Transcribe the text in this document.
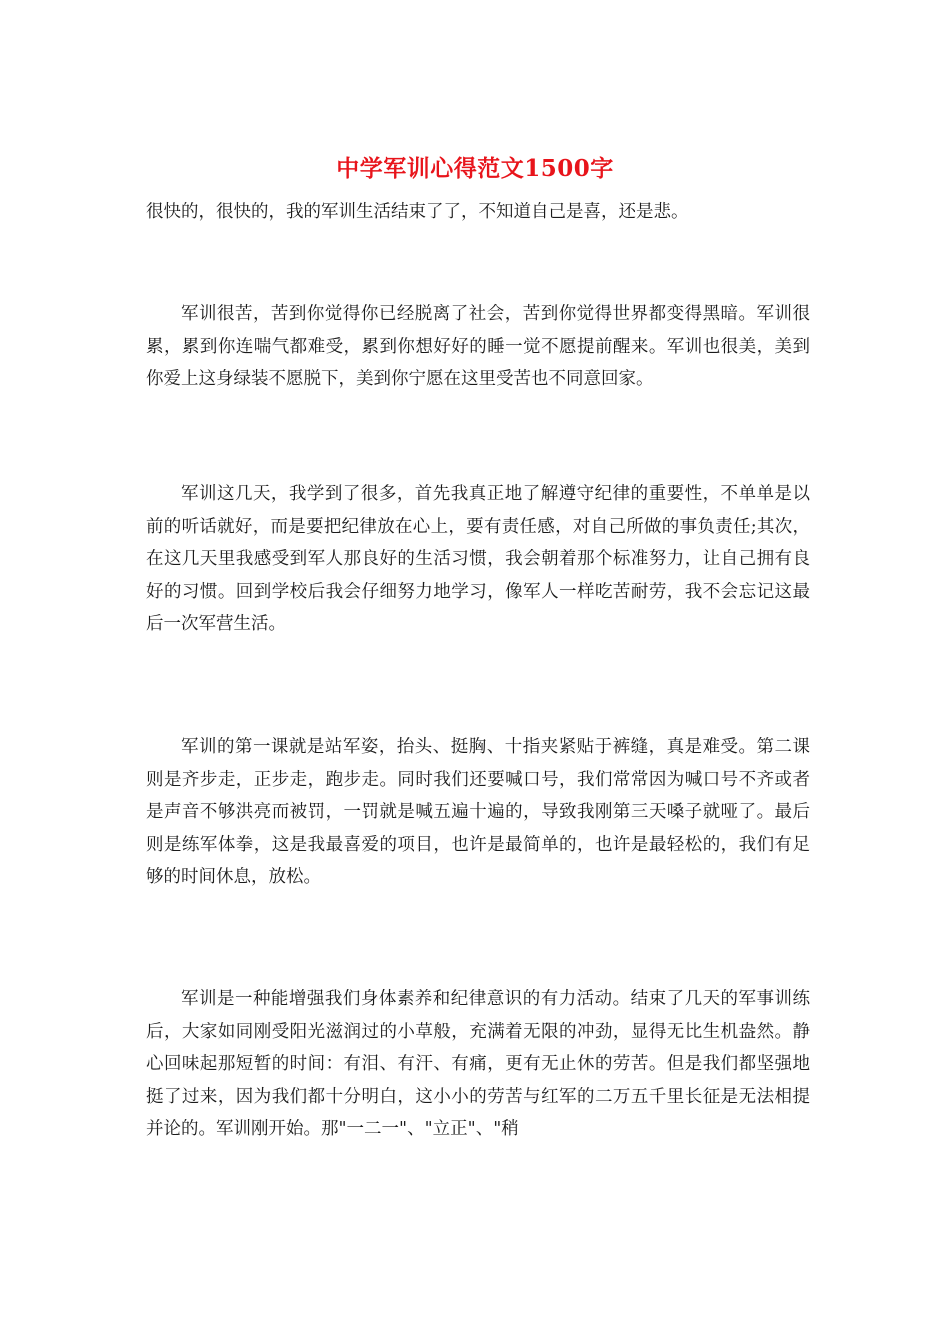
中学军训心得范文1500字

很快的，很快的，我的军训生活结束了了，不知道自己是喜，还是悲。

军训很苦，苦到你觉得你已经脱离了社会，苦到你觉得世界都变得黑暗。军训很累，累到你连喘气都难受，累到你想好好的睡一觉不愿提前醒来。军训也很美，美到你爱上这身绿装不愿脱下，美到你宁愿在这里受苦也不同意回家。

军训这几天，我学到了很多，首先我真正地了解遵守纪律的重要性，不单单是以前的听话就好，而是要把纪律放在心上，要有责任感，对自己所做的事负责任;其次，在这几天里我感受到军人那良好的生活习惯，我会朝着那个标准努力，让自己拥有良好的习惯。回到学校后我会仔细努力地学习，像军人一样吃苦耐劳，我不会忘记这最后一次军营生活。

军训的第一课就是站军姿，抬头、挺胸、十指夹紧贴于裤缝，真是难受。第二课则是齐步走，正步走，跑步走。同时我们还要喊口号，我们常常因为喊口号不齐或者是声音不够洪亮而被罚，一罚就是喊五遍十遍的，导致我刚第三天嗓子就哑了。最后则是练军体拳，这是我最喜爱的项目，也许是最简单的，也许是最轻松的，我们有足够的时间休息，放松。

军训是一种能增强我们身体素养和纪律意识的有力活动。结束了几天的军事训练后，大家如同刚受阳光滋润过的小草般，充满着无限的冲劲，显得无比生机盎然。静心回味起那短暂的时间：有泪、有汗、有痛，更有无止休的劳苦。但是我们都坚强地挺了过来，因为我们都十分明白，这小小的劳苦与红军的二万五千里长征是无法相提并论的。军训刚开始。那"一二一"、"立正"、"稍
